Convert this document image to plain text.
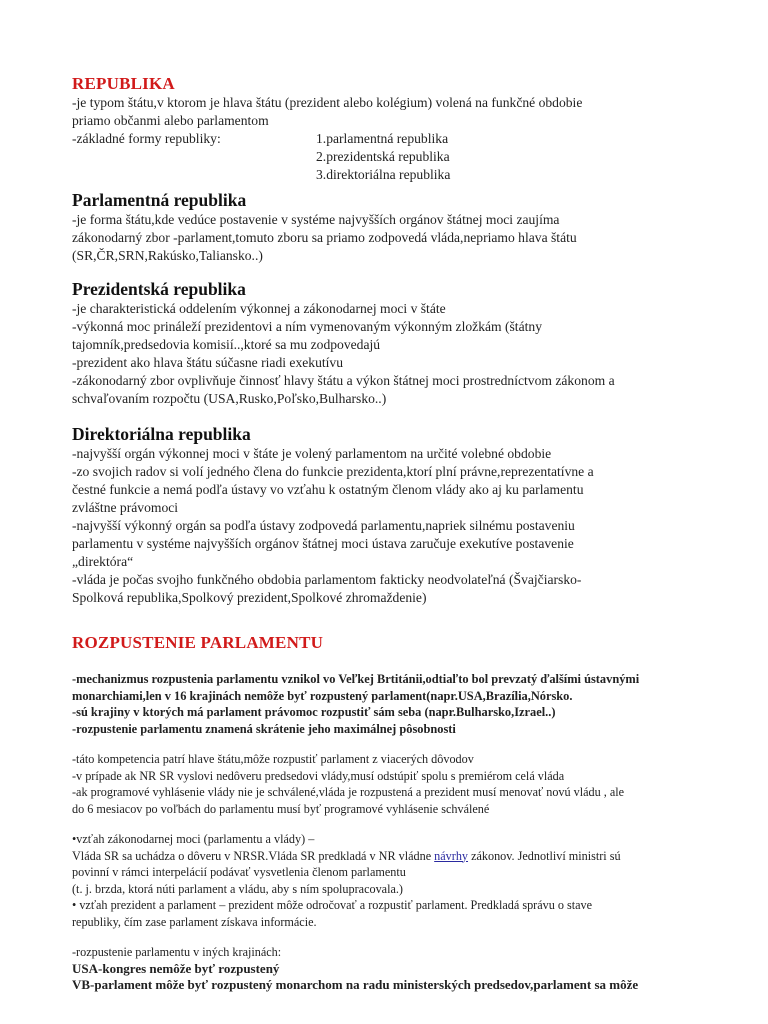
REPUBLIKA
-je typom štátu,v ktorom je hlava štátu (prezident alebo kolégium) volená na funkčné obdobie
priamo občanmi alebo parlamentom
-základné formy republiky:	1.parlamentná republika
2.prezidentská republika
3.direktoriálna republika
Parlamentná republika
-je forma štátu,kde vedúce postavenie v systéme najvyšších orgánov štátnej moci zaujíma
zákonodarný zbor -parlament,tomuto zboru sa priamo zodpovedá vláda,nepriamo hlava štátu
(SR,ČR,SRN,Rakúsko,Taliansko..)
Prezidentská republika
-je charakteristická oddelením výkonnej a zákonodarnej moci v štáte
-výkonná moc prináleží prezidentovi a ním vymenovaným výkonným zložkám (štátny
tajomník,predsedovia komisií..,ktoré sa mu zodpovedajú
-prezident ako hlava štátu súčasne riadi exekutívu
-zákonodarný zbor ovplivňuje činnosť hlavy štátu a výkon štátnej moci prostredníctvom zákonom a
schvaľovaním rozpočtu (USA,Rusko,Poľsko,Bulharsko..)
Direktoriálna republika
-najvyšší orgán výkonnej moci v štáte je volený parlamentom na určité volebné obdobie
-zo svojich radov si volí jedného člena do funkcie prezidenta,ktorí plní právne,reprezentatívne a
čestné funkcie a nemá podľa ústavy vo vzťahu k ostatným členom vlády ako aj ku parlamentu
zvláštne právomoci
-najvyšší výkonný orgán sa podľa ústavy zodpovedá parlamentu,napriek silnému postaveniu
parlamentu v systéme najvyšších orgánov štátnej moci ústava zaručuje exekutíve postavenie
„direktóra“
-vláda je počas svojho funkčného obdobia parlamentom fakticky neodvolateľná (Švajčiarsko-
Spolková republika,Spolkový prezident,Spolkové zhromaždenie)
ROZPUSTENIE PARLAMENTU
-mechanizmus rozpustenia parlamentu vznikol vo Veľkej Brtitánii,odtiaľto bol prevzatý ďalšími ústavnými
monarchiami,len v 16 krajinách nemôže byť rozpustený parlament(napr.USA,Brazília,Nórsko.
-sú krajiny v ktorých má parlament právomoc rozpustiť sám seba (napr.Bulharsko,Izrael..)
-rozpustenie parlamentu znamená skrátenie jeho maximálnej pôsobnosti
-táto kompetencia patrí hlave štátu,môže rozpustiť parlament z viacerých dôvodov
-v prípade ak NR SR vyslovi nedôveru predsedovi vlády,musí odstúpiť spolu s premiérom celá vláda
-ak programové vyhlásenie vlády nie je schválené,vláda je rozpustená a prezident musí menovať novú vládu , ale
do 6 mesiacov po voľbách do parlamentu musí byť programové vyhlásenie schválené
•vzťah zákonodarnej moci (parlamentu a vlády) –
Vláda SR sa uchádza o dôveru v NRSR.Vláda SR predkladá v NR vládne návrhy zákonov. Jednotliví ministri sú
povinní v rámci interpelácií podávať vysvetlenia členom parlamentu
(t. j. brzda, ktorá núti parlament a vládu, aby s ním spolupracovala.)
• vzťah prezident a parlament – prezident môže odročovať a rozpustiť parlament. Predkladá správu o stave
republiky, čím zase parlament získava informácie.
-rozpustenie parlamentu v iných krajinách:
USA-kongres nemôže byť rozpustený
VB-parlament môže byť rozpustený monarchom na radu ministerských predsedov,parlament sa môže
